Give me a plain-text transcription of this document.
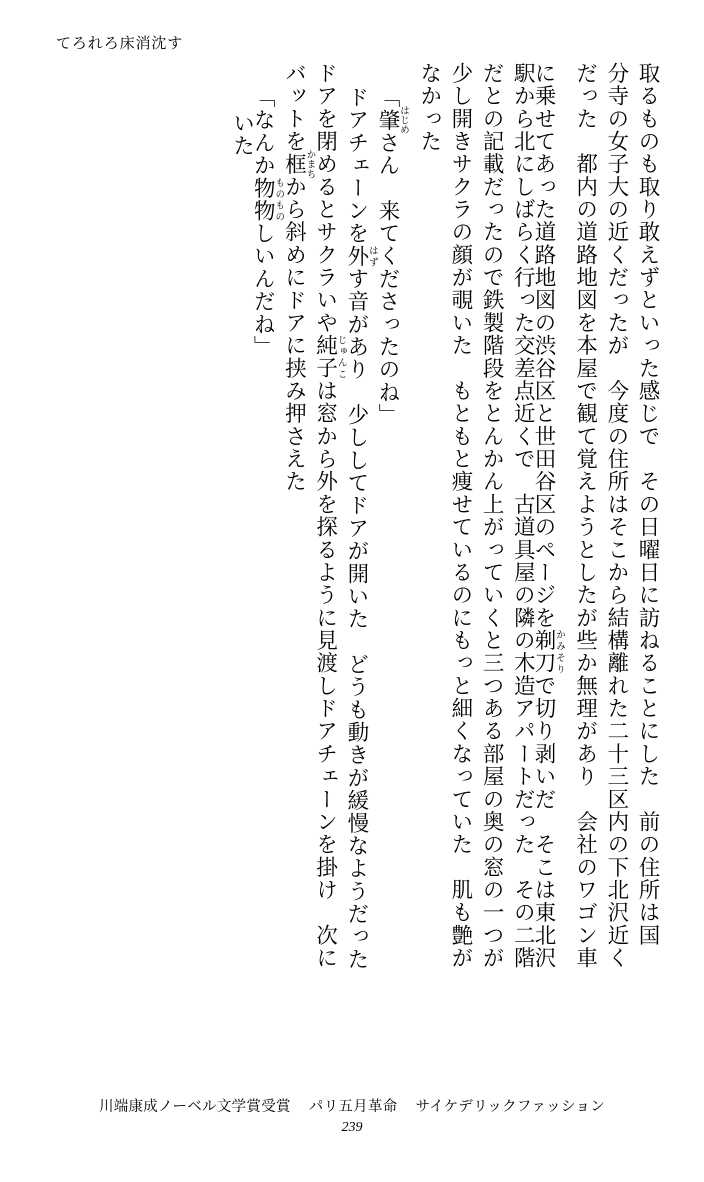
てろれろ床消沈す
取るものも取り敢えずといった感じで　その日曜日に訪ねることにした　前の住所は国
分寺の女子大の近くだったが　今度の住所はそこから結構離れた二十三区内の下北沢近く
だった　都内の道路地図を本屋で観て覚えようとしたが些か無理があり　会社のワゴン車
に乗せてあった道路地図の渋谷区と世田谷区のページを剃刀かみそりで切り剥いだ　そこは東北沢
駅から北にしばらく行った交差点近くで　古道具屋の隣の木造アパートだった　その二階
だとの記載だったので鉄製階段をとんかん上がっていくと三つある部屋の奥の窓の一つが
少し開きサクラの顔が覗いた　もともと痩せているのにもっと細くなっていた　肌も艶が
なかった
「肇はじめさん　来てくださったのね」
ドアチェーンを外はずす音があり　少ししてドアが開いた　どうも動きが緩慢なようだった
ドアを閉めるとサクラいや純子じゅんこは窓から外を探るように見渡しドアチェーンを掛け　次に
バットを框かまちから斜めにドアに挟み押さえた
「なんか物物ものものしいんだね」
いた
川端康成ノーベル文学賞受賞 パリ五月革命 サイケデリックファッション
239
